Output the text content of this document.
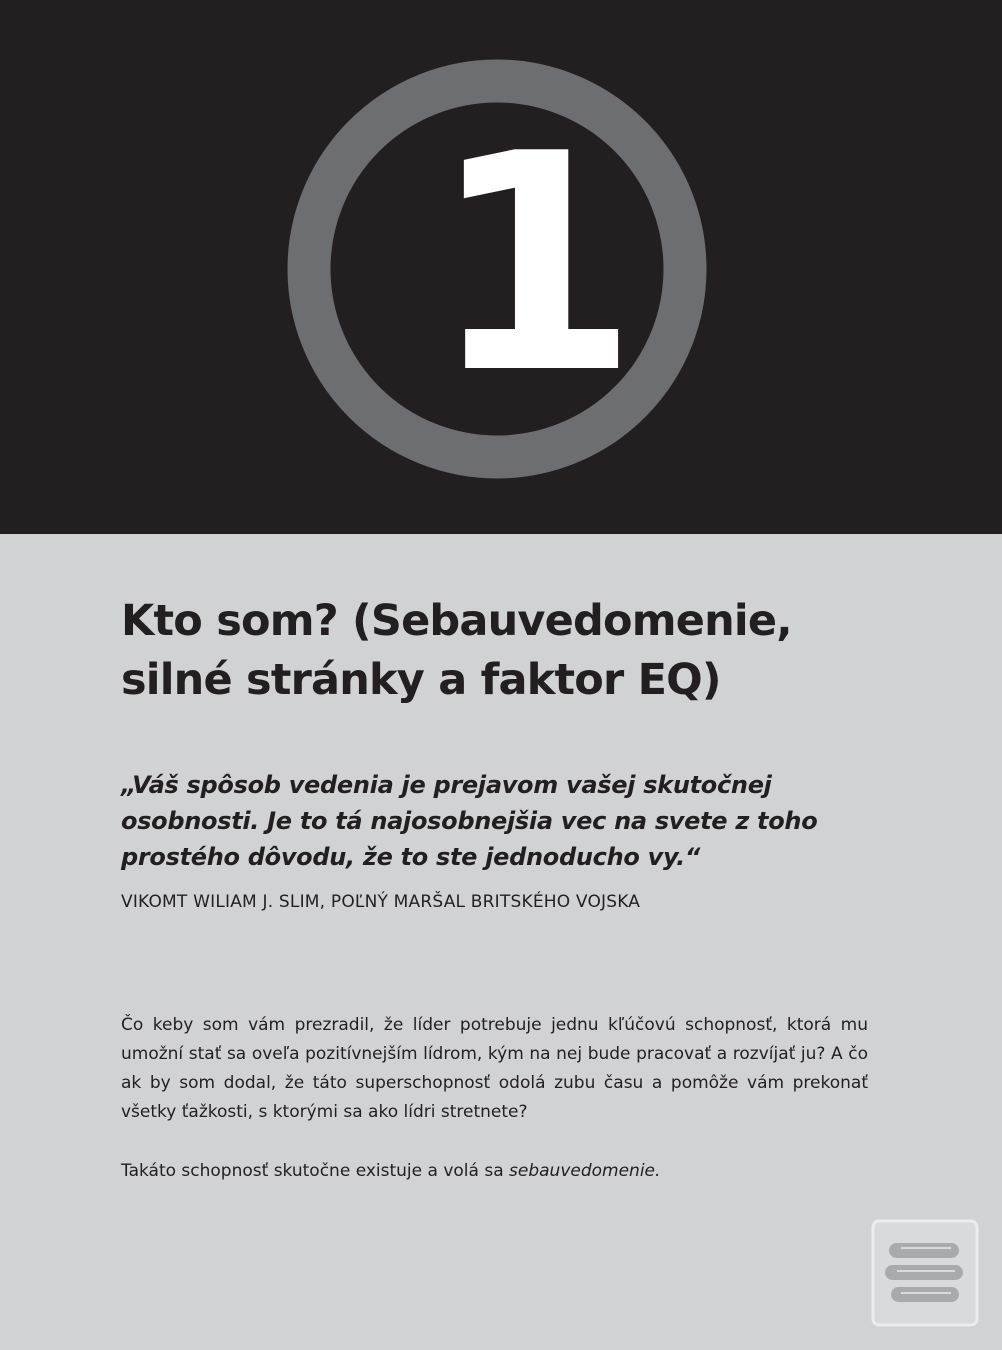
1
Kto som? (Sebauvedomenie,
silné stránky a faktor EQ)

„Váš spôsob vedenia je prejavom vašej skutočnej
osobnosti. Je to tá najosobnejšia vec na svete z toho
prostého dôvodu, že to ste jednoducho vy.“

VIKOMT WILIAM J. SLIM, POĽNÝ MARŠAL BRITSKÉHO VOJSKA

Čo keby som vám prezradil, že líder potrebuje jednu kľúčovú schopnosť, ktorá mu umožní stať sa oveľa pozitívnejším lídrom, kým na nej bude pracovať a rozvíjať ju? A čo ak by som dodal, že táto superschopnosť odolá zubu času a pomôže vám prekonať všetky ťažkosti, s ktorými sa ako lídri stretnete?

Takáto schopnosť skutočne existuje a volá sa sebauvedomenie.
